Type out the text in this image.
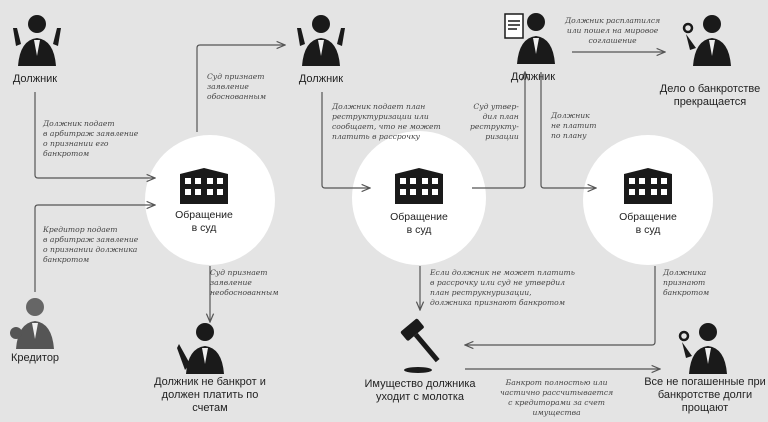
Должник
Кредитор
Должник	Должник
Дело о банкротстве прекращается
Должник не банкрот и должен платить по счетам
Имущество должника уходит с молотка
Все не погашенные при банкротстве долги прощают
Обращение
в суд
Обращение
в суд
Обращение
в суд
Должник подает
в арбитраж заявление
о признании его
банкротом
Кредитор подает
в арбитраж заявление
о признании должника
банкротом
Суд признает
заявление
обоснованным
Суд признает
заявление
необоснованным
Должник подает план
реструктуризации или
сообщает, что не может
платить в рассрочку
Суд утвер-
дил план
реструкту-
ризации
Должник
не платит
по плану
Должник расплатился
или пошел на мировое
соглашение
Если должник не может платить
в рассрочку или суд не утвердил
план реструкнуризации,
должника признают банкротом
Должника
признают
банкротом
Банкрот полностью или
частично рассчитывается
с кредиторами за счет
имущества
